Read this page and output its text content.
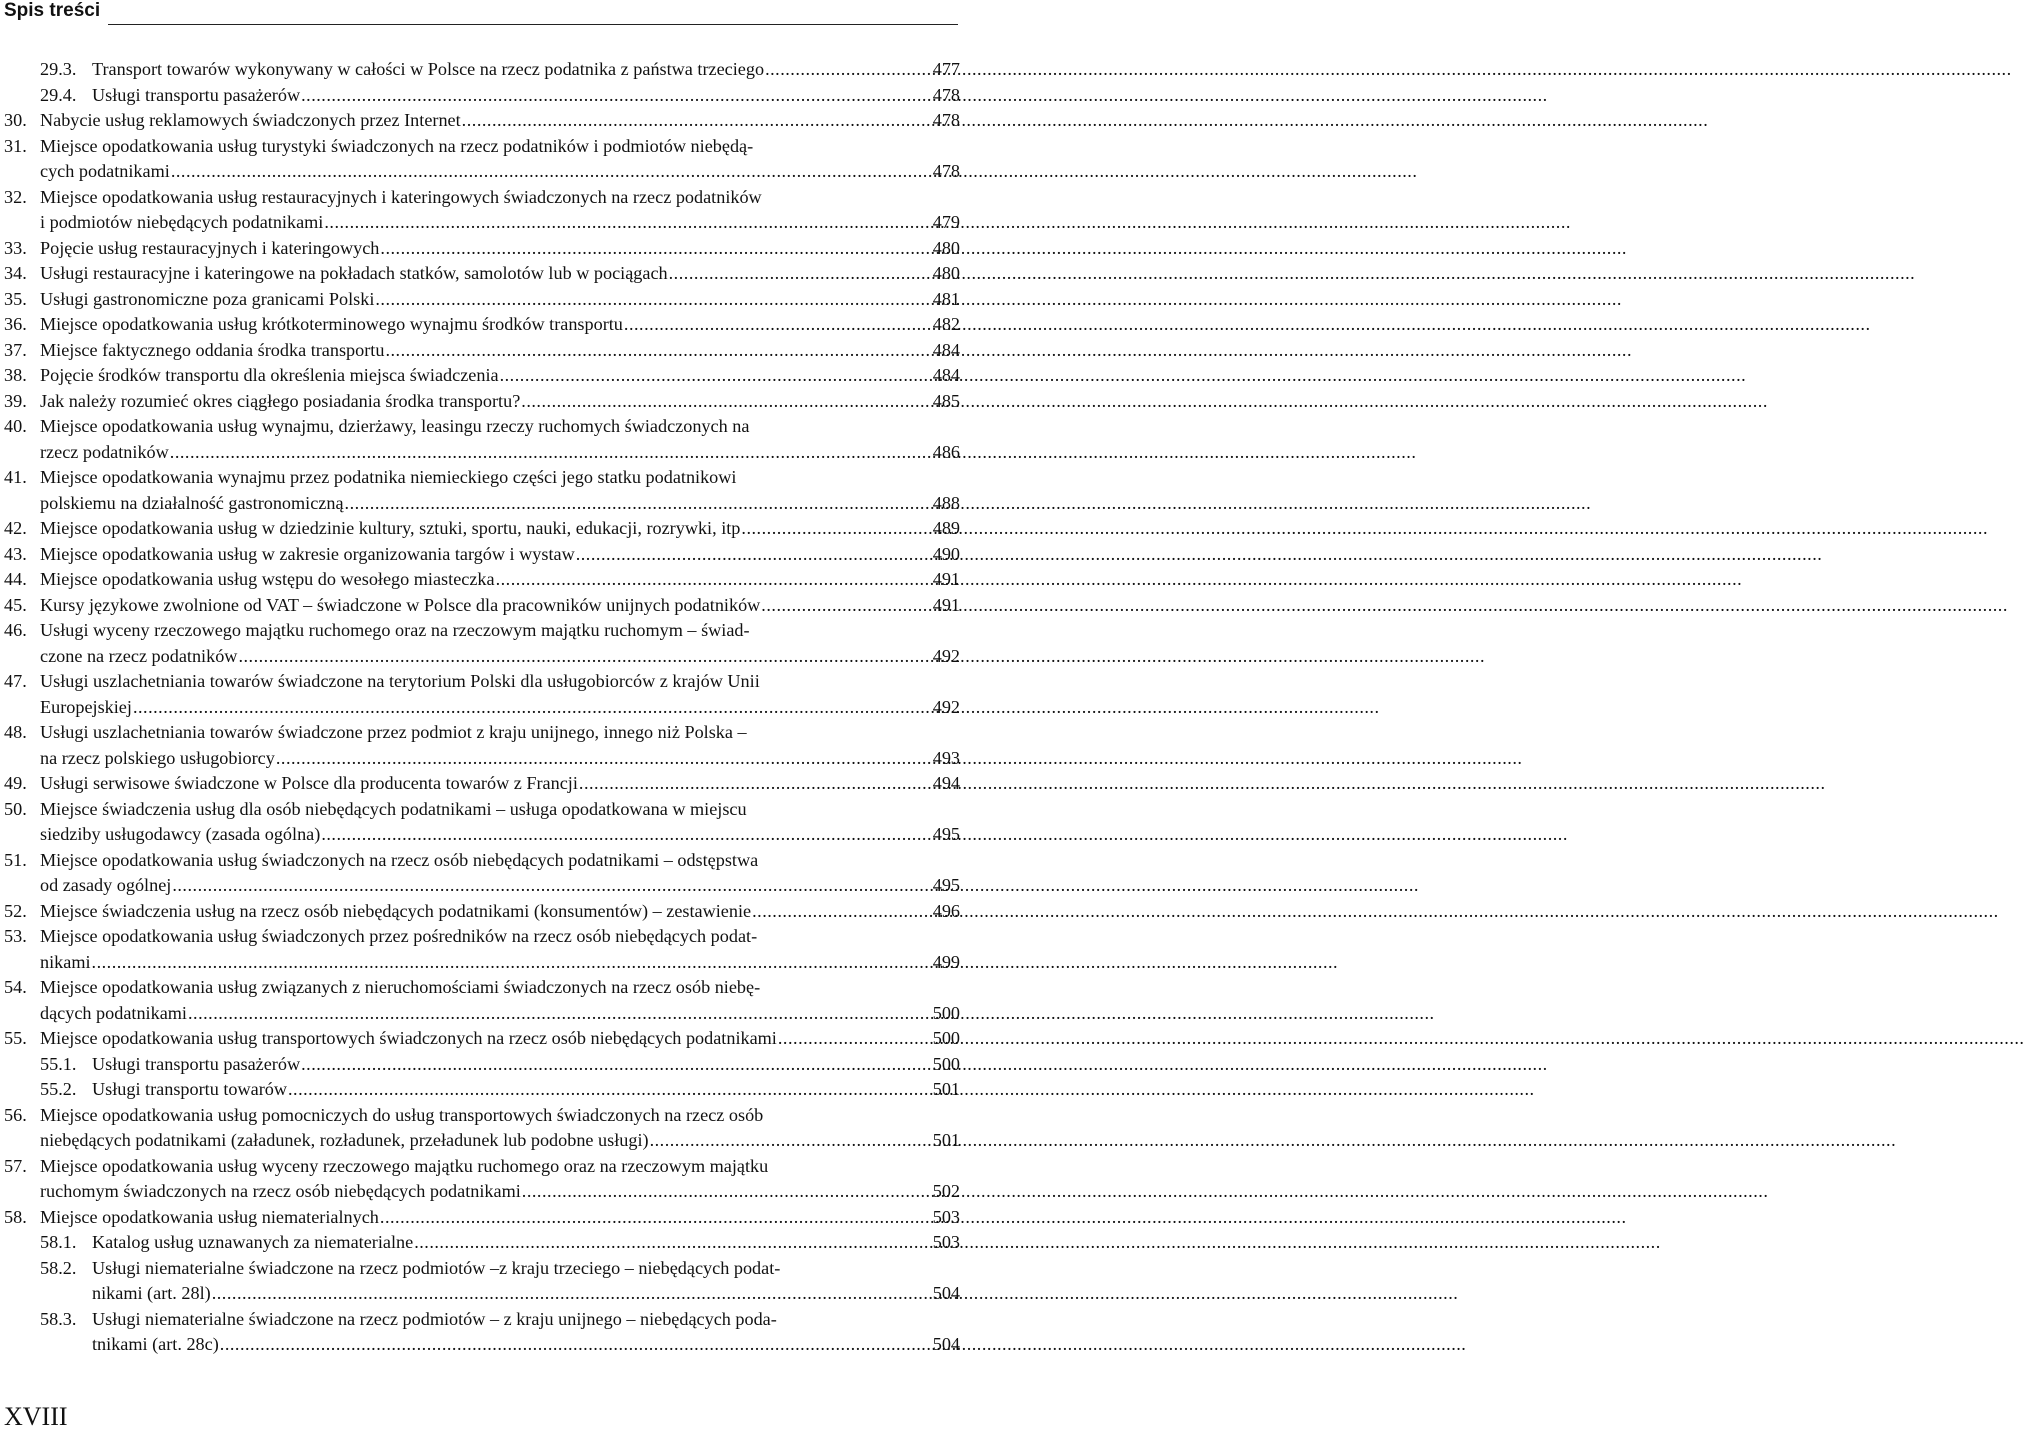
Spis treści
29.3. Transport towarów wykonywany w całości w Polsce na rzecz podatnika z państwa trzeciego .....	477
29.4. Usługi transportu pasażerów .....	478
30. Nabycie usług reklamowych świadczonych przez Internet .....	478
31. Miejsce opodatkowania usług turystyki świadczonych na rzecz podatników i podmiotów niebędą-
cych podatnikami .....	478
32. Miejsce opodatkowania usług restauracyjnych i kateringowych świadczonych na rzecz podatników
i podmiotów niebędących podatnikami .....	479
33. Pojęcie usług restauracyjnych i kateringowych .....	480
34. Usługi restauracyjne i kateringowe na pokładach statków, samolotów lub w pociągach .....	480
35. Usługi gastronomiczne poza granicami Polski .....	481
36. Miejsce opodatkowania usług krótkoterminowego wynajmu środków transportu .....	482
37. Miejsce faktycznego oddania środka transportu .....	484
38. Pojęcie środków transportu dla określenia miejsca świadczenia .....	484
39. Jak należy rozumieć okres ciągłego posiadania środka transportu? .....	485
40. Miejsce opodatkowania usług wynajmu, dzierżawy, leasingu rzeczy ruchomych świadczonych na
rzecz podatników .....	486
41. Miejsce opodatkowania wynajmu przez podatnika niemieckiego części jego statku podatnikowi
polskiemu na działalność gastronomiczną .....	488
42. Miejsce opodatkowania usług w dziedzinie kultury, sztuki, sportu, nauki, edukacji, rozrywki, itp .....	489
43. Miejsce opodatkowania usług w zakresie organizowania targów i wystaw .....	490
44. Miejsce opodatkowania usług wstępu do wesołego miasteczka .....	491
45. Kursy językowe zwolnione od VAT – świadczone w Polsce dla pracowników unijnych podatników .....	491
46. Usługi wyceny rzeczowego majątku ruchomego oraz na rzeczowym majątku ruchomym – świad-
czone na rzecz podatników .....	492
47. Usługi uszlachetniania towarów świadczone na terytorium Polski dla usługobiorców z krajów Unii
Europejskiej .....	492
48. Usługi uszlachetniania towarów świadczone przez podmiot z kraju unijnego, innego niż Polska –
na rzecz polskiego usługobiorcy .....	493
49. Usługi serwisowe świadczone w Polsce dla producenta towarów z Francji .....	494
50. Miejsce świadczenia usług dla osób niebędących podatnikami – usługa opodatkowana w miejscu
siedziby usługodawcy (zasada ogólna) .....	495
51. Miejsce opodatkowania usług świadczonych na rzecz osób niebędących podatnikami – odstępstwa
od zasady ogólnej .....	495
52. Miejsce świadczenia usług na rzecz osób niebędących podatnikami (konsumentów) – zestawienie .....	496
53. Miejsce opodatkowania usług świadczonych przez pośredników na rzecz osób niebędących podat-
nikami .....	499
54. Miejsce opodatkowania usług związanych z nieruchomościami świadczonych na rzecz osób niebę-
dących podatnikami .....	500
55. Miejsce opodatkowania usług transportowych świadczonych na rzecz osób niebędących podatnikami .....	500
55.1. Usługi transportu pasażerów .....	500
55.2. Usługi transportu towarów .....	501
56. Miejsce opodatkowania usług pomocniczych do usług transportowych świadczonych na rzecz osób
niebędących podatnikami (załadunek, rozładunek, przeładunek lub podobne usługi) .....	501
57. Miejsce opodatkowania usług wyceny rzeczowego majątku ruchomego oraz na rzeczowym majątku
ruchomym świadczonych na rzecz osób niebędących podatnikami .....	502
58. Miejsce opodatkowania usług niematerialnych .....	503
58.1. Katalog usług uznawanych za niematerialne .....	503
58.2. Usługi niematerialne świadczone na rzecz podmiotów –z kraju trzeciego – niebędących podat-
nikami (art. 28l) .....	504
58.3. Usługi niematerialne świadczone na rzecz podmiotów – z kraju unijnego – niebędących poda-
tnikami (art. 28c) .....	504
XVIII
